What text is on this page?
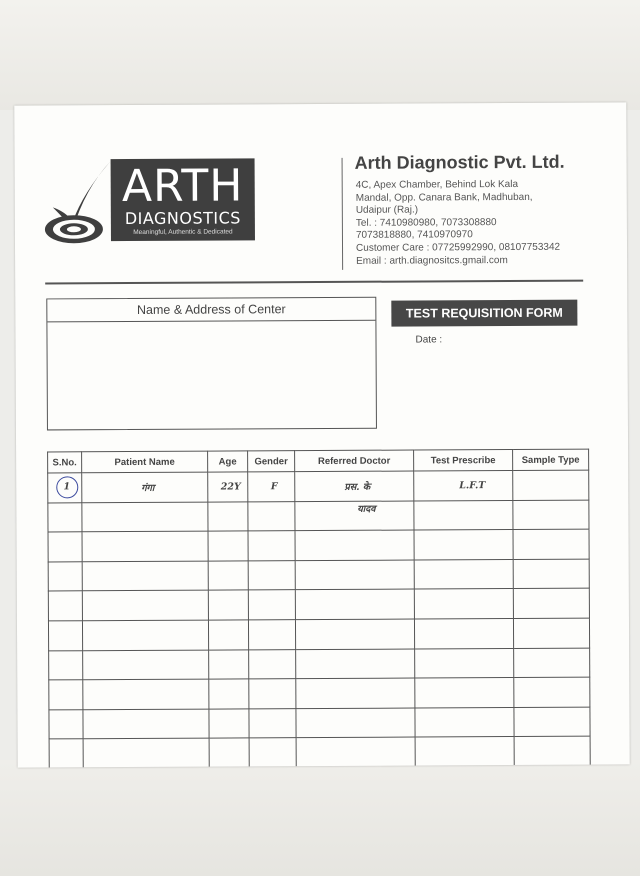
ARTH
DIAGNOSTICS
Meaningful, Authentic & Dedicated
Arth Diagnostic Pvt. Ltd.
4C, Apex Chamber, Behind Lok Kala
Mandal, Opp. Canara Bank, Madhuban,
Udaipur (Raj.)
Tel. : 7410980980, 7073308880
7073818880, 7410970970
Customer Care : 07725992990, 08107753342
Email : arth.diagnositcs.gmail.com
Name & Address of Center	TEST REQUISITION FORM
Date :
S.No.	Patient Name	Age	Gender	Referred Doctor	Test Prescribe	Sample Type
1	गंगा	22Y	F	प्रस. के	L.F.T	
				यादव		
